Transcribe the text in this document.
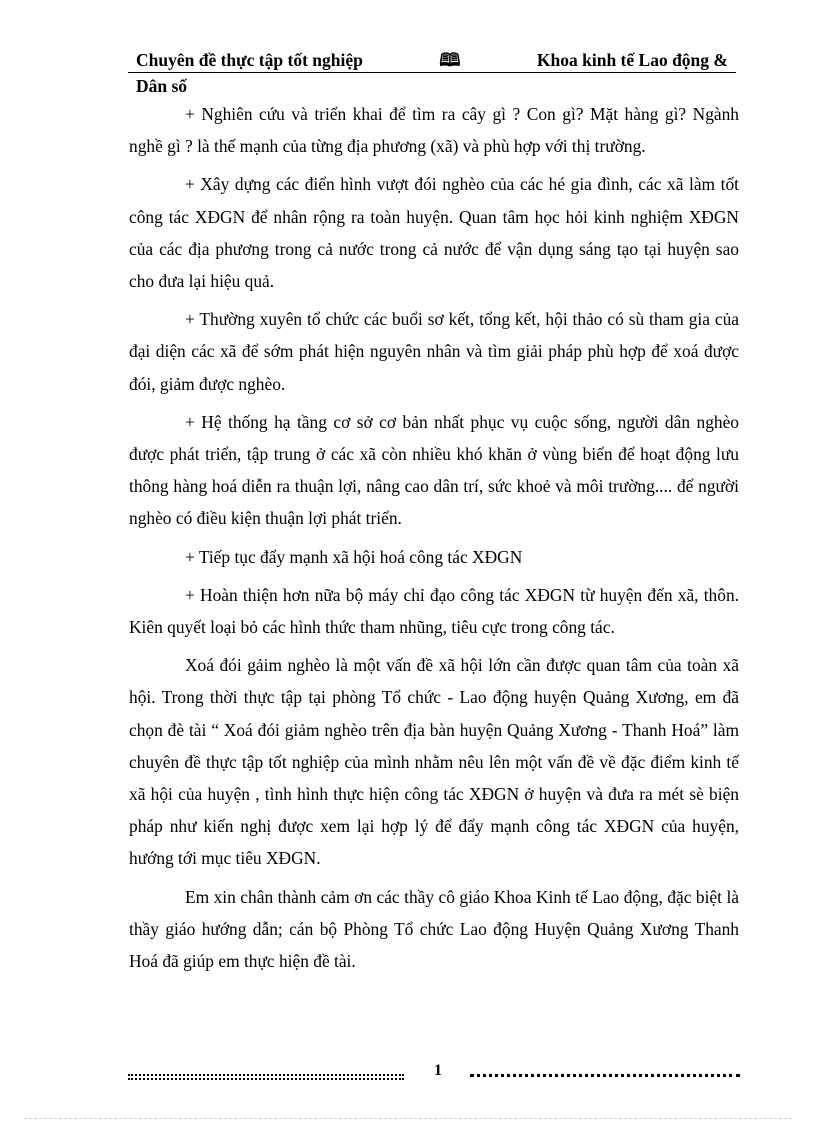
Chuyên đề thực tập tốt nghiệp	🕮	Khoa kinh tế Lao động &
Dân số

+ Nghiên cứu và triển khai để tìm ra cây gì ? Con gì? Mặt hàng gì? Ngành nghề gì ? là thế mạnh của từng địa phương (xã) và phù hợp với thị trường.

+ Xây dựng các điển hình vượt đói nghèo của các hé gia đình, các xã làm tốt công tác XĐGN để nhân rộng ra toàn huyện. Quan tâm học hỏi kinh nghiệm XĐGN của các địa phương trong cả nước trong cả nước để vận dụng sáng tạo tại huyện sao cho đưa lại hiệu quả.

+ Thường xuyên tổ chức các buổi sơ kết, tổng kết, hội thảo có sù tham gia của đại diện các xã để sớm phát hiện nguyên nhân và tìm giải pháp phù hợp để xoá được đói, giảm được nghèo.

+ Hệ thống hạ tầng cơ sở cơ bản nhất phục vụ cuộc sống, người dân nghèo được phát triển, tập trung ở các xã còn nhiều khó khăn ở vùng biển để hoạt động lưu thông hàng hoá diễn ra thuận lợi, nâng cao dân trí, sức khoẻ và môi trường.... để người nghèo có điều kiện thuận lợi phát triển.

+ Tiếp tục đẩy mạnh xã hội hoá công tác XĐGN

+ Hoàn thiện hơn nữa bộ máy chỉ đạo công tác XĐGN từ huyện đến xã, thôn. Kiên quyết loại bỏ các hình thức tham nhũng, tiêu cực trong công tác.

Xoá đói gảim nghèo là một vấn đề xã hội lớn cần được quan tâm của toàn xã hội. Trong thời thực tập tại phòng Tổ chức - Lao động huyện Quảng Xương, em đã chọn đè tài “ Xoá đói giảm nghèo trên địa bàn huyện Quảng Xương - Thanh Hoá” làm chuyên đề thực tập tốt nghiệp của mình nhằm nêu lên một vấn đề về đặc điểm kinh tế xã hội của huyện , tình hình thực hiện công tác XĐGN ở huyện và đưa ra mét sè biện pháp như kiến nghị được xem lại hợp lý để đẩy mạnh công tác XĐGN của huyện, hướng tới mục tiêu XĐGN.

Em xin chân thành cảm ơn các thầy cô giáo Khoa Kinh tế Lao động, đặc biệt là thầy giáo hướng dẫn; cán bộ Phòng Tổ chức Lao động Huyện Quảng Xương Thanh Hoá đã giúp em thực hiện đề tài.

1
